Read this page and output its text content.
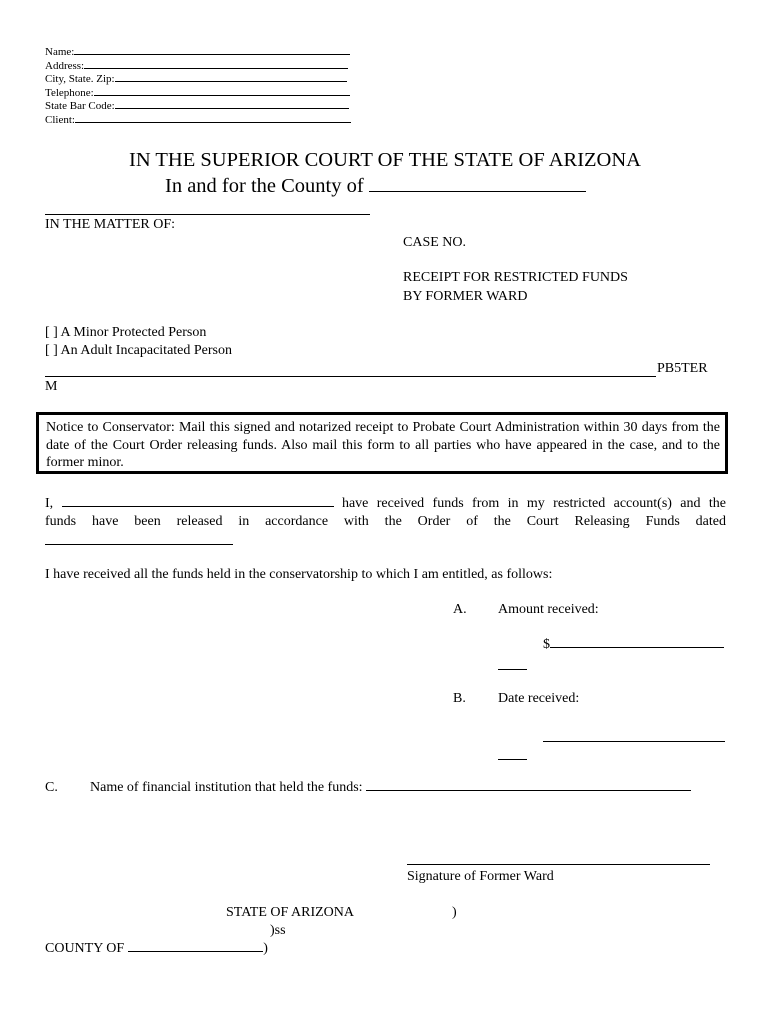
Name:
Address:
City, State. Zip:
Telephone:
State Bar Code:
Client:
IN THE SUPERIOR COURT OF THE STATE OF ARIZONA
In and for the County of
IN THE MATTER OF:
CASE NO.
RECEIPT FOR RESTRICTED FUNDS
BY FORMER WARD
[ ] A Minor Protected Person
[ ] An Adult Incapacitated Person
PB5TER
M
Notice to Conservator: Mail this signed and notarized receipt to Probate Court Administration within 30 days from the date of the Court Order releasing funds. Also mail this form to all parties who have appeared in the case, and to the former minor.
I,	have received funds from in my restricted account(s) and the
funds have been released in accordance with the Order of the Court Releasing Funds dated
I have received all the funds held in the conservatorship to which I am entitled, as follows:
A. Amount received:
$
B. Date received:
C. Name of financial institution that held the funds:
Signature of Former Ward
STATE OF ARIZONA	)
)ss
COUNTY OF	)
